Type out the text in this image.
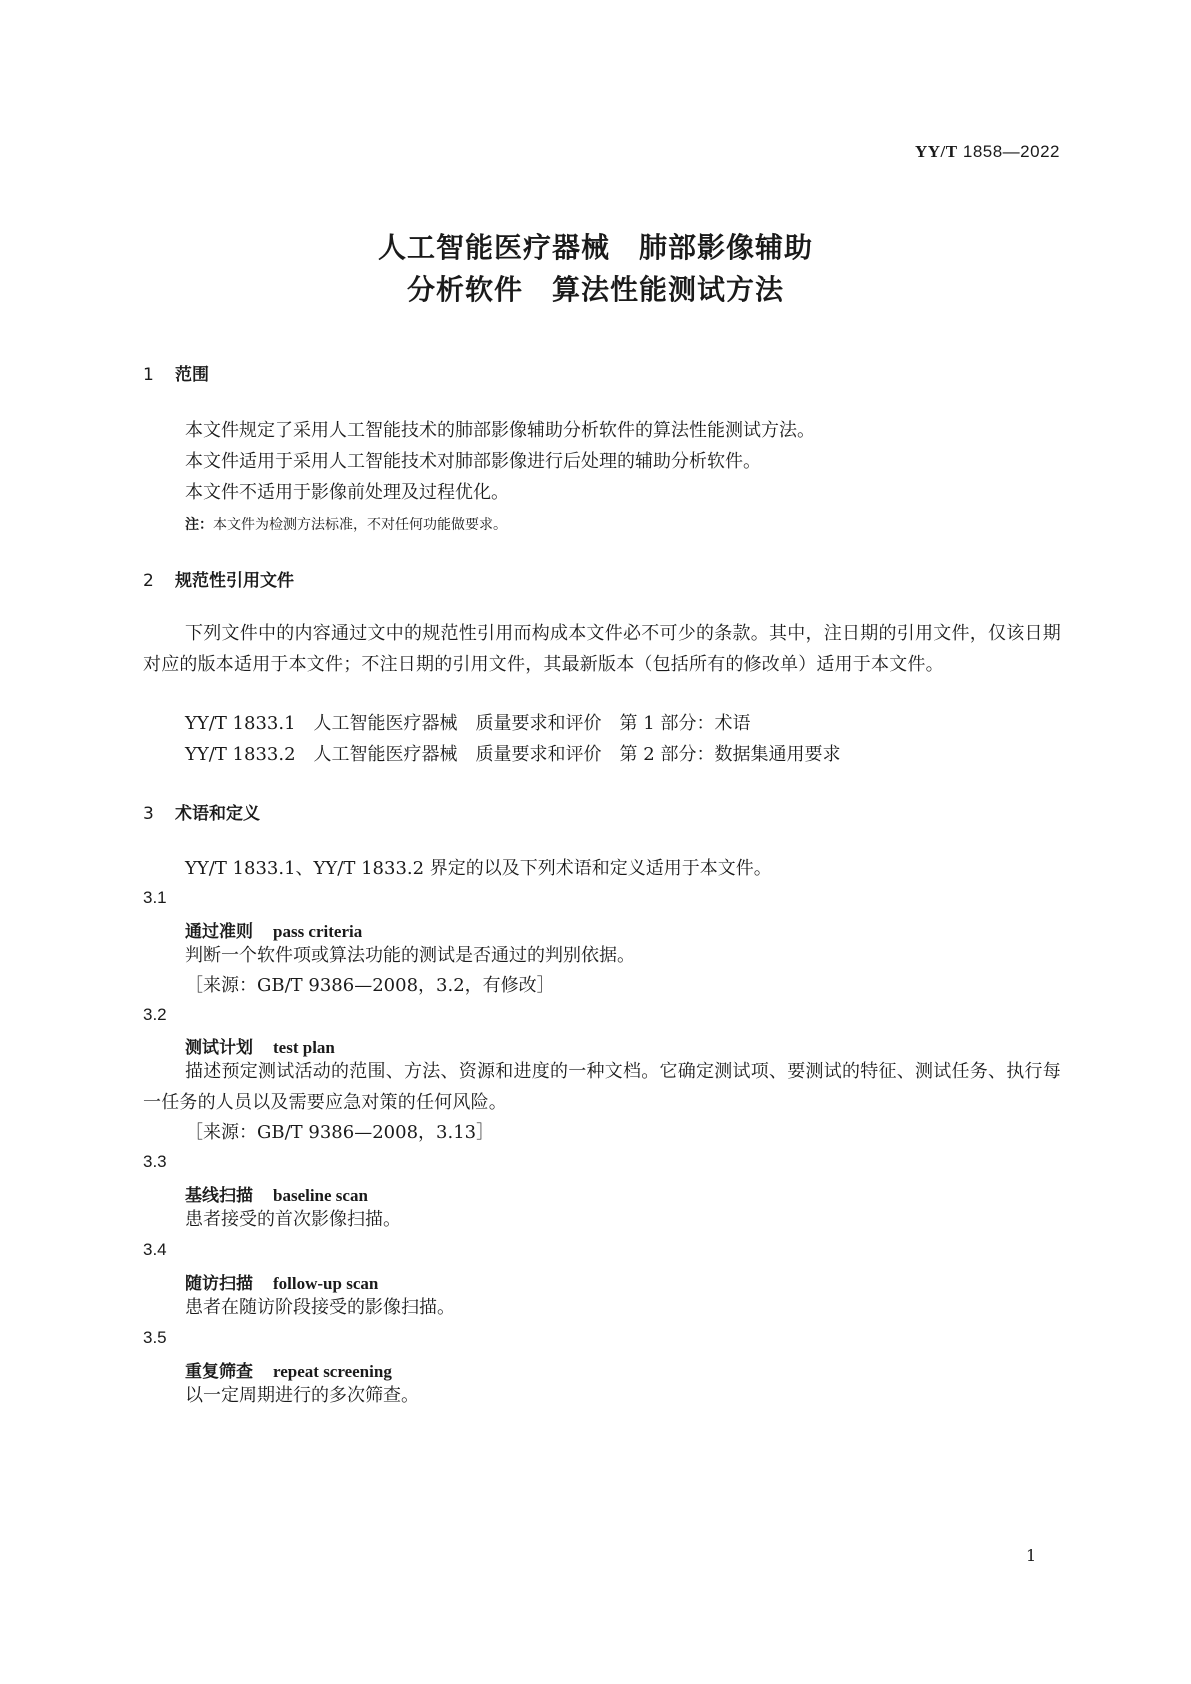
YY/T 1858—2022
人工智能医疗器械　肺部影像辅助
分析软件　算法性能测试方法
1 范围
本文件规定了采用人工智能技术的肺部影像辅助分析软件的算法性能测试方法。
本文件适用于采用人工智能技术对肺部影像进行后处理的辅助分析软件。
本文件不适用于影像前处理及过程优化。
注：本文件为检测方法标准，不对任何功能做要求。
2 规范性引用文件
下列文件中的内容通过文中的规范性引用而构成本文件必不可少的条款。其中，注日期的引用文件，仅该日期对应的版本适用于本文件；不注日期的引用文件，其最新版本（包括所有的修改单）适用于本文件。
YY/T 1833.1 人工智能医疗器械 质量要求和评价 第 1 部分：术语
YY/T 1833.2 人工智能医疗器械 质量要求和评价 第 2 部分：数据集通用要求
3 术语和定义
YY/T 1833.1、YY/T 1833.2 界定的以及下列术语和定义适用于本文件。
3.1
通过准则 pass criteria
判断一个软件项或算法功能的测试是否通过的判别依据。
［来源：GB/T 9386—2008，3.2，有修改］
3.2
测试计划 test plan
描述预定测试活动的范围、方法、资源和进度的一种文档。它确定测试项、要测试的特征、测试任务、执行每一任务的人员以及需要应急对策的任何风险。
［来源：GB/T 9386—2008，3.13］
3.3
基线扫描 baseline scan
患者接受的首次影像扫描。
3.4
随访扫描 follow-up scan
患者在随访阶段接受的影像扫描。
3.5
重复筛查 repeat screening
以一定周期进行的多次筛查。
1
